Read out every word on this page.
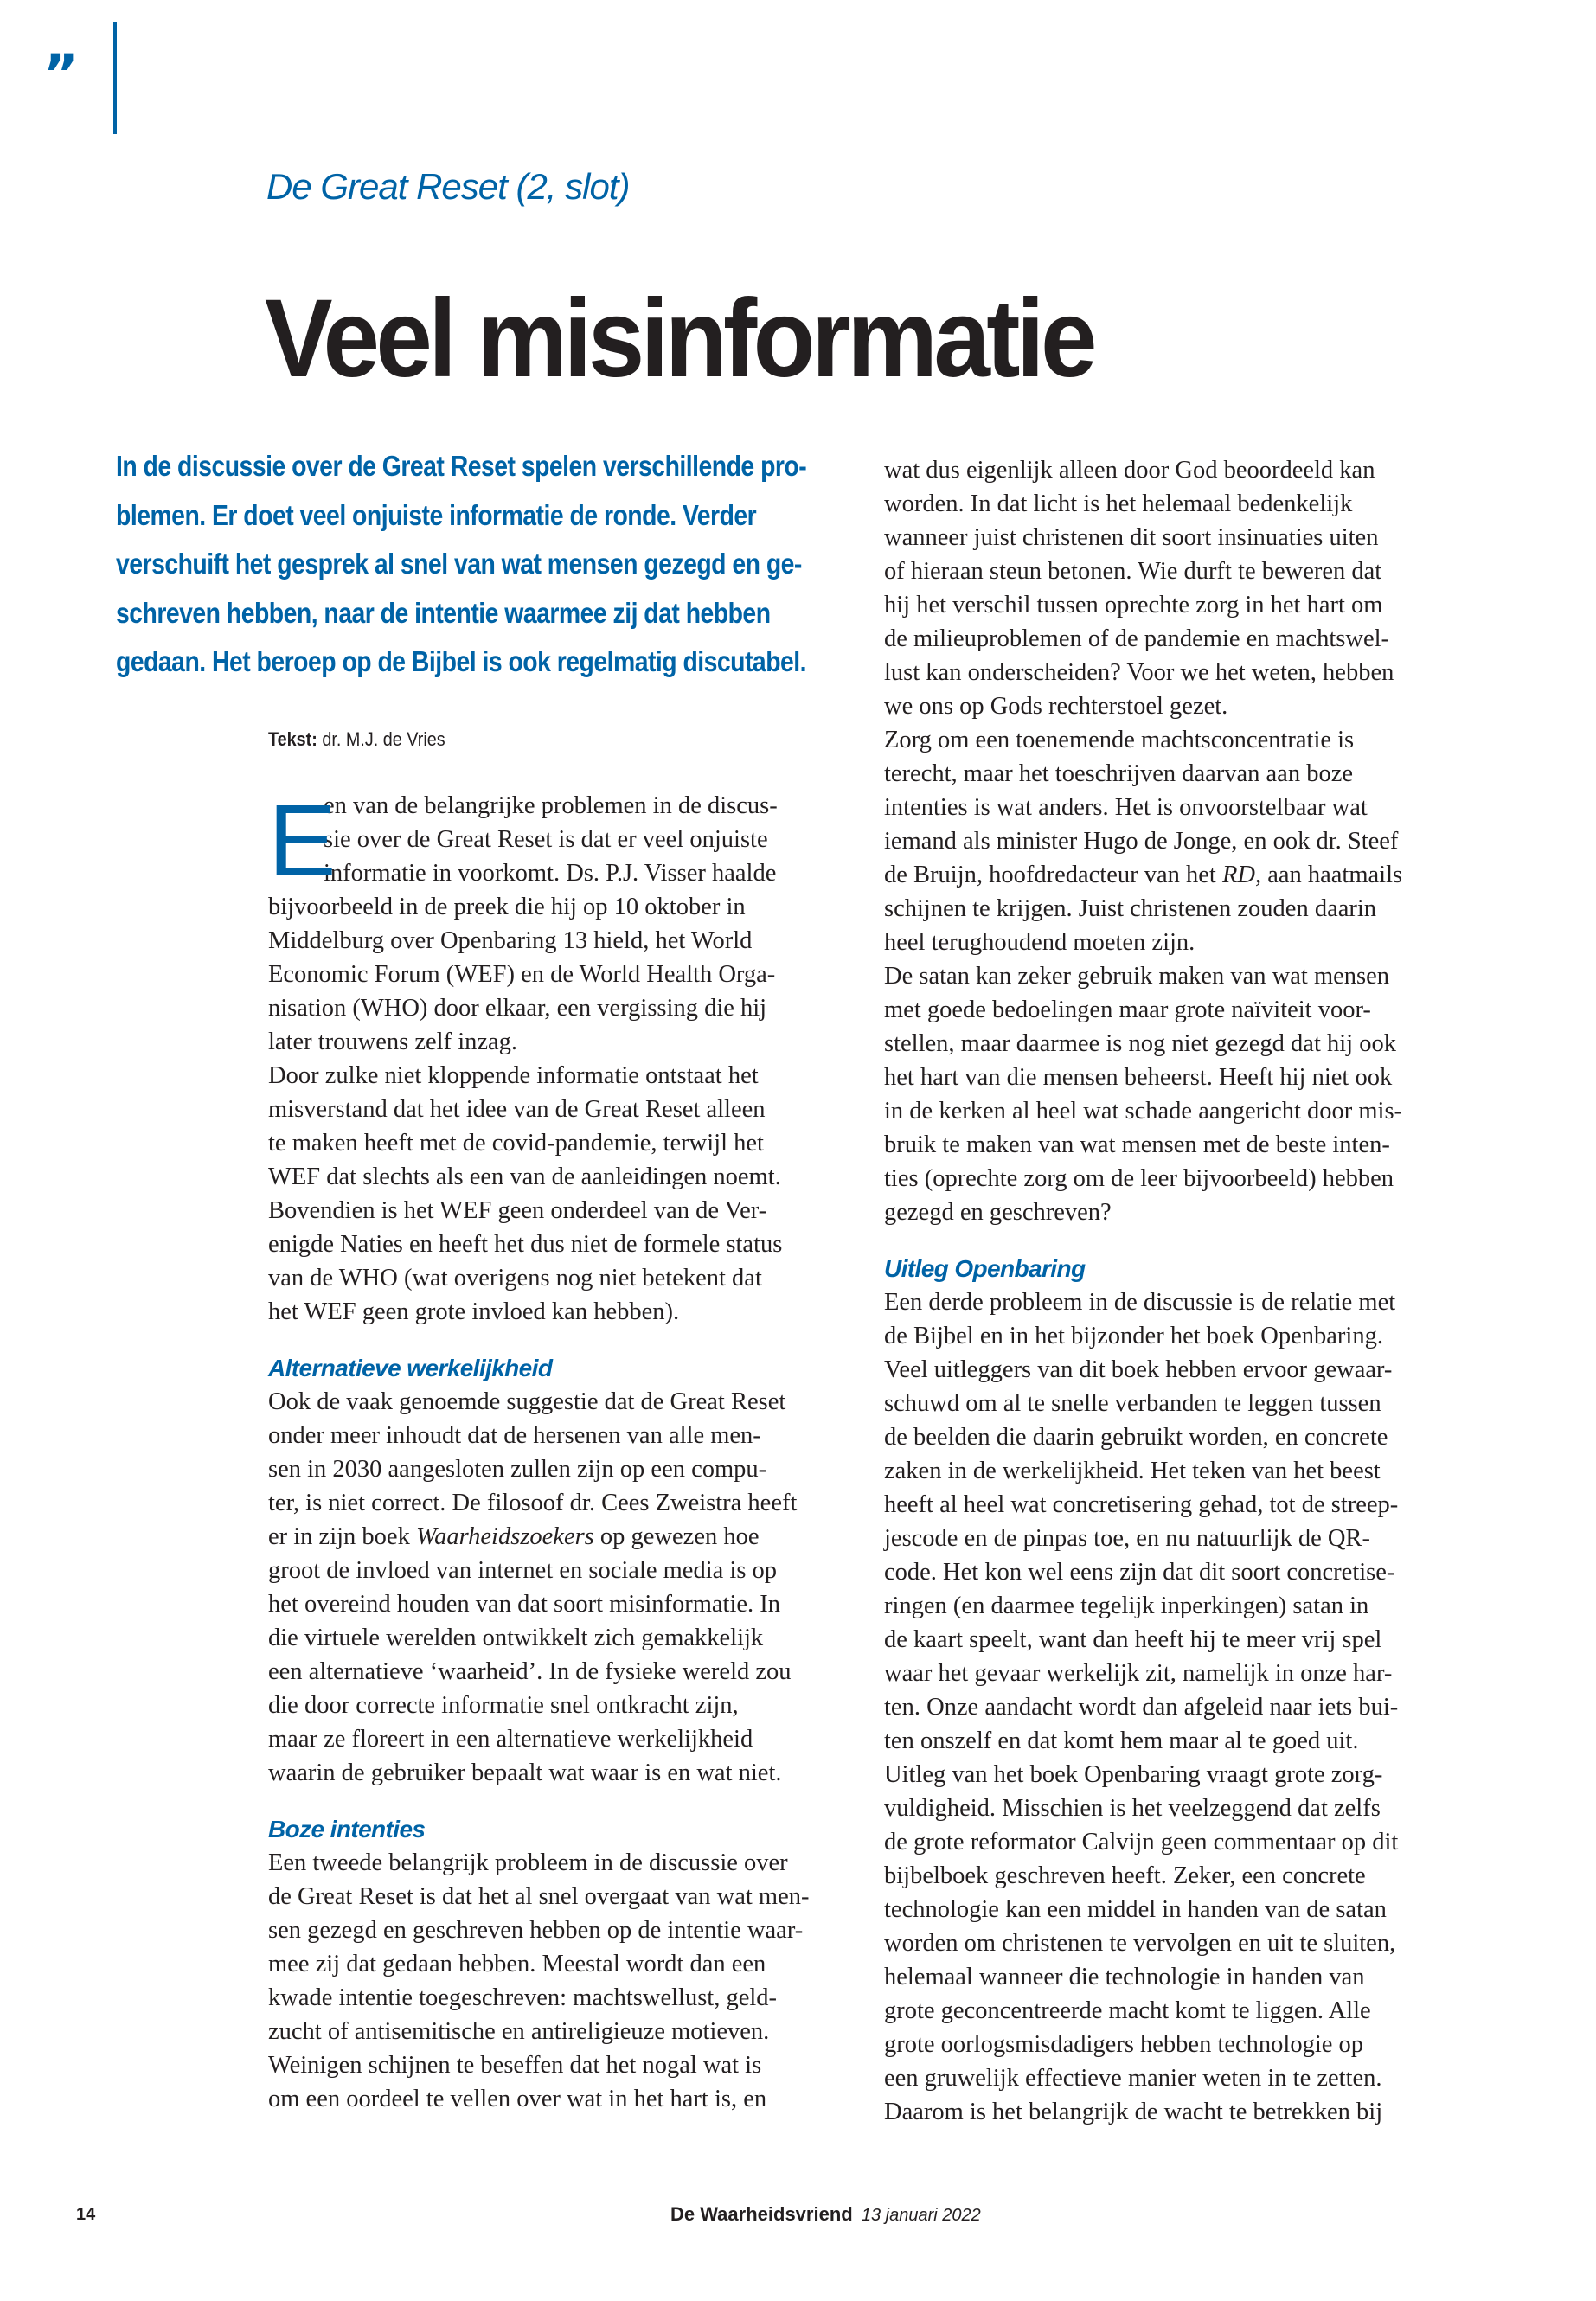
”
De Great Reset (2, slot)
Veel misinformatie
In de discussie over de Great Reset spelen verschillende pro-
blemen. Er doet veel onjuiste informatie de ronde. Verder
verschuift het gesprek al snel van wat mensen gezegd en ge-
schreven hebben, naar de intentie waarmee zij dat hebben
gedaan. Het beroep op de Bijbel is ook regelmatig discutabel.
Tekst: dr. M.J. de Vries
E
en van de belangrijke problemen in de discus-
sie over de Great Reset is dat er veel onjuiste
informatie in voorkomt. Ds. P.J. Visser haalde
bijvoorbeeld in de preek die hij op 10 oktober in
Middelburg over Openbaring 13 hield, het World
Economic Forum (WEF) en de World Health Orga-
nisation (WHO) door elkaar, een vergissing die hij
later trouwens zelf inzag.
Door zulke niet kloppende informatie ontstaat het
misverstand dat het idee van de Great Reset alleen
te maken heeft met de covid-pandemie, terwijl het
WEF dat slechts als een van de aanleidingen noemt.
Bovendien is het WEF geen onderdeel van de Ver-
enigde Naties en heeft het dus niet de formele status
van de WHO (wat overigens nog niet betekent dat
het WEF geen grote invloed kan hebben).
Alternatieve werkelijkheid
Ook de vaak genoemde suggestie dat de Great Reset
onder meer inhoudt dat de hersenen van alle men-
sen in 2030 aangesloten zullen zijn op een compu-
ter, is niet correct. De filosoof dr. Cees Zweistra heeft
er in zijn boek Waarheidszoekers op gewezen hoe
groot de invloed van internet en sociale media is op
het overeind houden van dat soort misinformatie. In
die virtuele werelden ontwikkelt zich gemakkelijk
een alternatieve ‘waarheid’. In de fysieke wereld zou
die door correcte informatie snel ontkracht zijn,
maar ze floreert in een alternatieve werkelijkheid
waarin de gebruiker bepaalt wat waar is en wat niet.
Boze intenties
Een tweede belangrijk probleem in de discussie over
de Great Reset is dat het al snel overgaat van wat men-
sen gezegd en geschreven hebben op de intentie waar-
mee zij dat gedaan hebben. Meestal wordt dan een
kwade intentie toegeschreven: machtswellust, geld-
zucht of antisemitische en antireligieuze motieven.
Weinigen schijnen te beseffen dat het nogal wat is
om een oordeel te vellen over wat in het hart is, en
wat dus eigenlijk alleen door God beoordeeld kan
worden. In dat licht is het helemaal bedenkelijk
wanneer juist christenen dit soort insinuaties uiten
of hieraan steun betonen. Wie durft te beweren dat
hij het verschil tussen oprechte zorg in het hart om
de milieuproblemen of de pandemie en machtswel-
lust kan onderscheiden? Voor we het weten, hebben
we ons op Gods rechterstoel gezet.
Zorg om een toenemende machtsconcentratie is
terecht, maar het toeschrijven daarvan aan boze
intenties is wat anders. Het is onvoorstelbaar wat
iemand als minister Hugo de Jonge, en ook dr. Steef
de Bruijn, hoofdredacteur van het RD, aan haatmails
schijnen te krijgen. Juist christenen zouden daarin
heel terughoudend moeten zijn.
De satan kan zeker gebruik maken van wat mensen
met goede bedoelingen maar grote naïviteit voor-
stellen, maar daarmee is nog niet gezegd dat hij ook
het hart van die mensen beheerst. Heeft hij niet ook
in de kerken al heel wat schade aangericht door mis-
bruik te maken van wat mensen met de beste inten-
ties (oprechte zorg om de leer bijvoorbeeld) hebben
gezegd en geschreven?
Uitleg Openbaring
Een derde probleem in de discussie is de relatie met
de Bijbel en in het bijzonder het boek Openbaring.
Veel uitleggers van dit boek hebben ervoor gewaar-
schuwd om al te snelle verbanden te leggen tussen
de beelden die daarin gebruikt worden, en concrete
zaken in de werkelijkheid. Het teken van het beest
heeft al heel wat concretisering gehad, tot de streep-
jescode en de pinpas toe, en nu natuurlijk de QR-
code. Het kon wel eens zijn dat dit soort concretise-
ringen (en daarmee tegelijk inperkingen) satan in
de kaart speelt, want dan heeft hij te meer vrij spel
waar het gevaar werkelijk zit, namelijk in onze har-
ten. Onze aandacht wordt dan afgeleid naar iets bui-
ten onszelf en dat komt hem maar al te goed uit.
Uitleg van het boek Openbaring vraagt grote zorg-
vuldigheid. Misschien is het veelzeggend dat zelfs
de grote reformator Calvijn geen commentaar op dit
bijbelboek geschreven heeft. Zeker, een concrete
technologie kan een middel in handen van de satan
worden om christenen te vervolgen en uit te sluiten,
helemaal wanneer die technologie in handen van
grote geconcentreerde macht komt te liggen. Alle
grote oorlogsmisdadigers hebben technologie op
een gruwelijk effectieve manier weten in te zetten.
Daarom is het belangrijk de wacht te betrekken bij
14	De Waarheidsvriend 13 januari 2022
